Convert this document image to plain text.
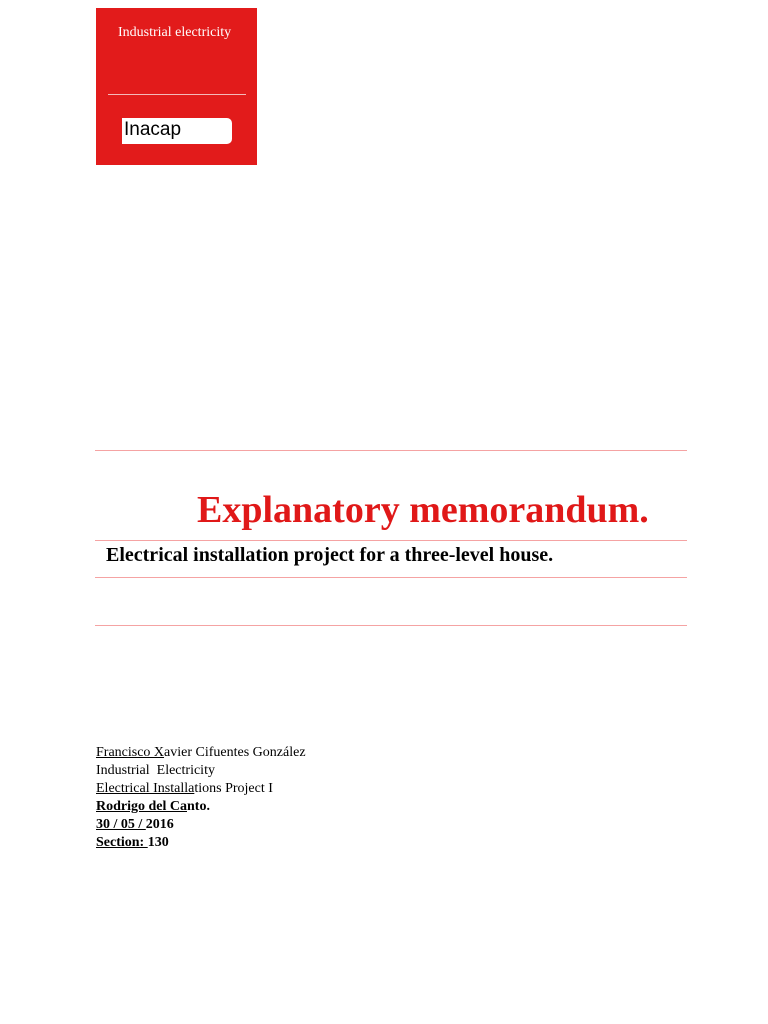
Industrial electricity
Inacap
Explanatory memorandum.
Electrical installation project for a three-level house.
Francisco Xavier Cifuentes González
Industrial  Electricity
Electrical Installations Project I
Rodrigo del Canto.
30 / 05 / 2016
Section: 130
